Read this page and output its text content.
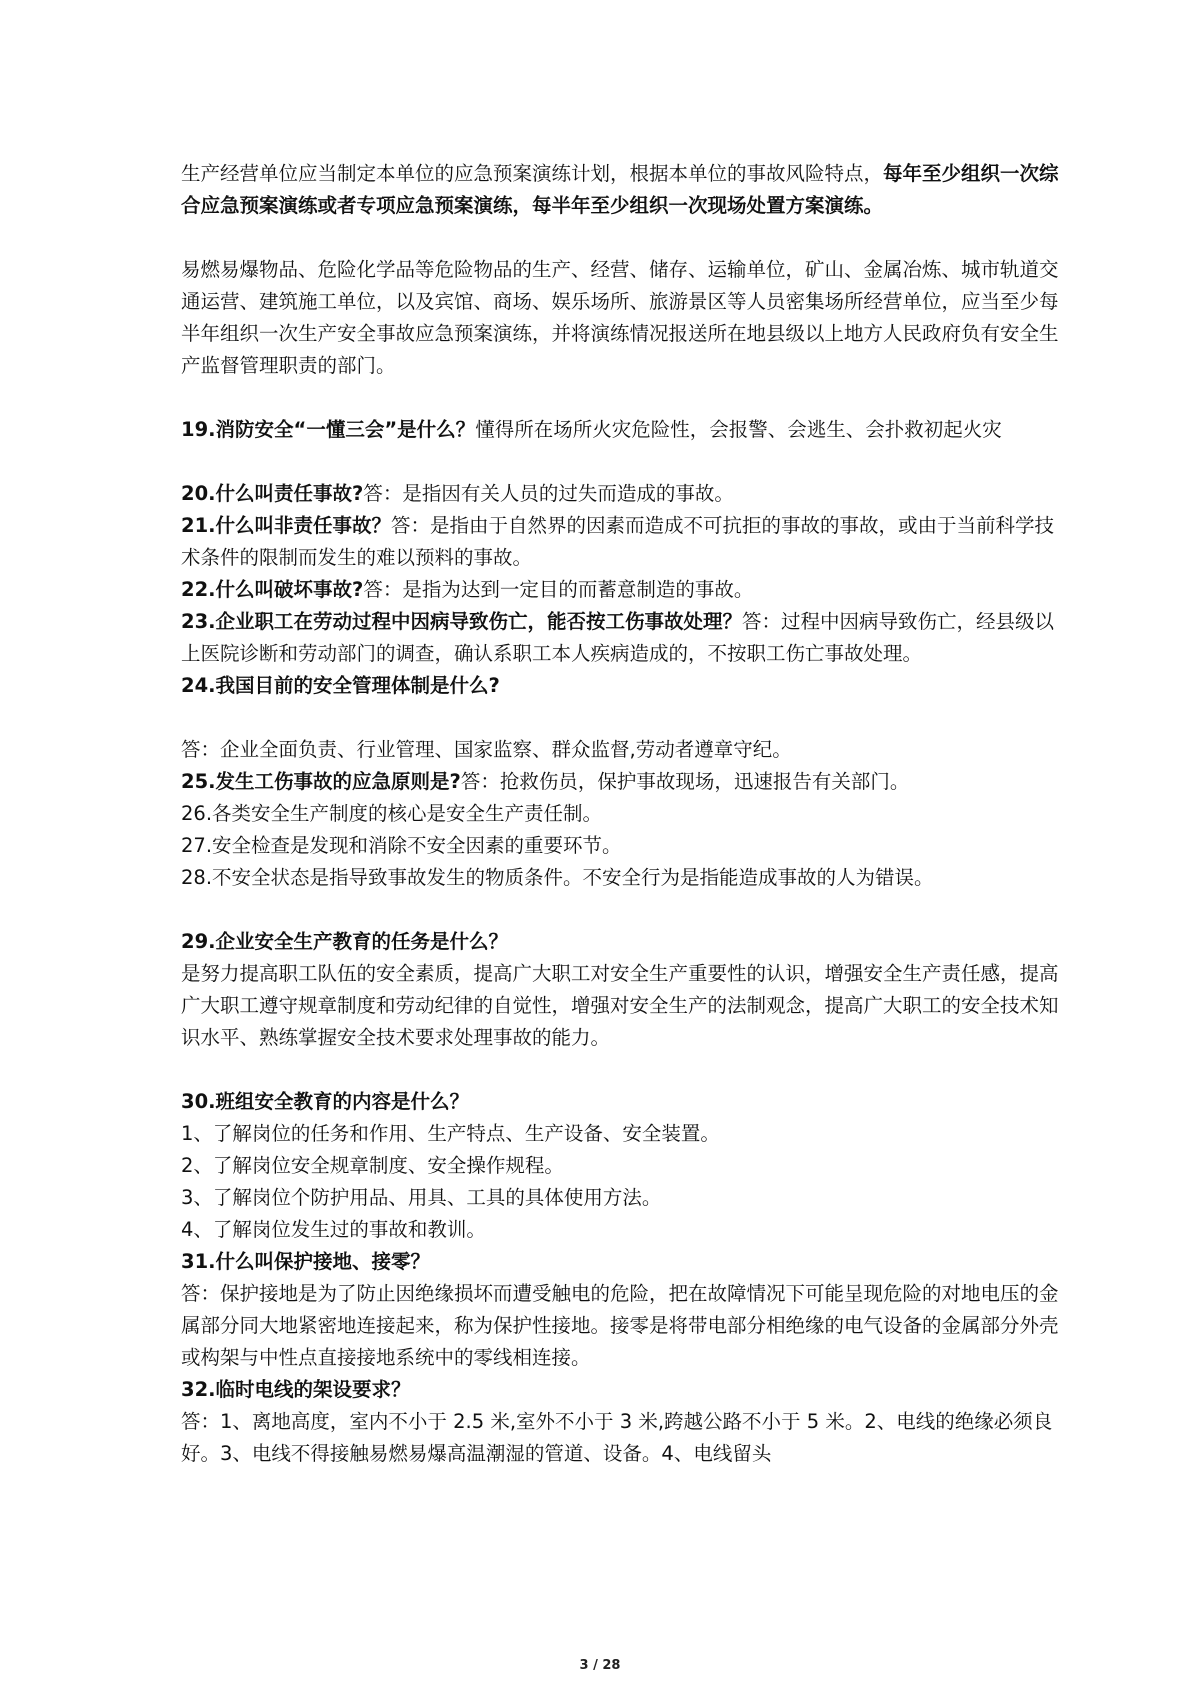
生产经营单位应当制定本单位的应急预案演练计划，根据本单位的事故风险特点，每年至少组织一次综合应急预案演练或者专项应急预案演练，每半年至少组织一次现场处置方案演练。

易燃易爆物品、危险化学品等危险物品的生产、经营、储存、运输单位，矿山、金属冶炼、城市轨道交通运营、建筑施工单位，以及宾馆、商场、娱乐场所、旅游景区等人员密集场所经营单位，应当至少每半年组织一次生产安全事故应急预案演练，并将演练情况报送所在地县级以上地方人民政府负有安全生产监督管理职责的部门。

19.消防安全“一懂三会”是什么？懂得所在场所火灾危险性，会报警、会逃生、会扑救初起火灾

20.什么叫责任事故?答：是指因有关人员的过失而造成的事故。

21.什么叫非责任事故？答：是指由于自然界的因素而造成不可抗拒的事故的事故，或由于当前科学技术条件的限制而发生的难以预料的事故。

22.什么叫破坏事故?答：是指为达到一定目的而蓄意制造的事故。

23.企业职工在劳动过程中因病导致伤亡，能否按工伤事故处理？答：过程中因病导致伤亡，经县级以上医院诊断和劳动部门的调查，确认系职工本人疾病造成的，不按职工伤亡事故处理。

24.我国目前的安全管理体制是什么?

答：企业全面负责、行业管理、国家监察、群众监督,劳动者遵章守纪。

25.发生工伤事故的应急原则是?答：抢救伤员，保护事故现场，迅速报告有关部门。

26.各类安全生产制度的核心是安全生产责任制。

27.安全检查是发现和消除不安全因素的重要环节。

28.不安全状态是指导致事故发生的物质条件。不安全行为是指能造成事故的人为错误。

29.企业安全生产教育的任务是什么？

是努力提高职工队伍的安全素质，提高广大职工对安全生产重要性的认识，增强安全生产责任感，提高广大职工遵守规章制度和劳动纪律的自觉性，增强对安全生产的法制观念，提高广大职工的安全技术知识水平、熟练掌握安全技术要求处理事故的能力。

30.班组安全教育的内容是什么？

1、了解岗位的任务和作用、生产特点、生产设备、安全装置。

2、了解岗位安全规章制度、安全操作规程。

3、了解岗位个防护用品、用具、工具的具体使用方法。

4、了解岗位发生过的事故和教训。

31.什么叫保护接地、接零？

答：保护接地是为了防止因绝缘损坏而遭受触电的危险，把在故障情况下可能呈现危险的对地电压的金属部分同大地紧密地连接起来，称为保护性接地。接零是将带电部分相绝缘的电气设备的金属部分外壳或构架与中性点直接接地系统中的零线相连接。

32.临时电线的架设要求？

答：1、离地高度，室内不小于 2.5 米,室外不小于 3 米,跨越公路不小于 5 米。2、电线的绝缘必须良好。3、电线不得接触易燃易爆高温潮湿的管道、设备。4、电线留头

3 / 28
